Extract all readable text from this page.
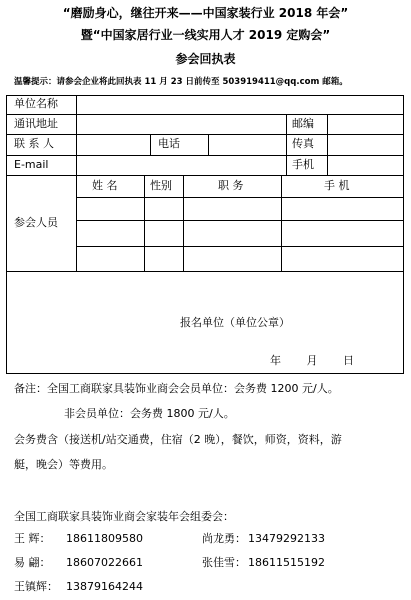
“磨励身心，继往开来——中国家装行业 2018 年会”
暨“中国家居行业一线实用人才 2019 定购会”
参会回执表
温馨提示：请参会企业将此回执表 11 月 23 日前传至 503919411@qq.com 邮箱。
单位名称
通讯地址	邮编
联 系 人	电话	传真
E-mail	手机
参会人员
姓 名	性别	职 务	手 机
报名单位（单位公章）
年 月 日
备注：全国工商联家具装饰业商会会员单位：会务费 1200 元/人。
非会员单位：会务费 1800 元/人。
会务费含（接送机/站交通费，住宿（2 晚），餐饮，师资，资料，游
艇，晚会）等费用。
全国工商联家具装饰业商会家装年会组委会：
王 辉： 18611809580	尚龙勇： 13479292133
易 翩： 18607022661	张佳雪： 18611515192
王镇辉： 13879164244
